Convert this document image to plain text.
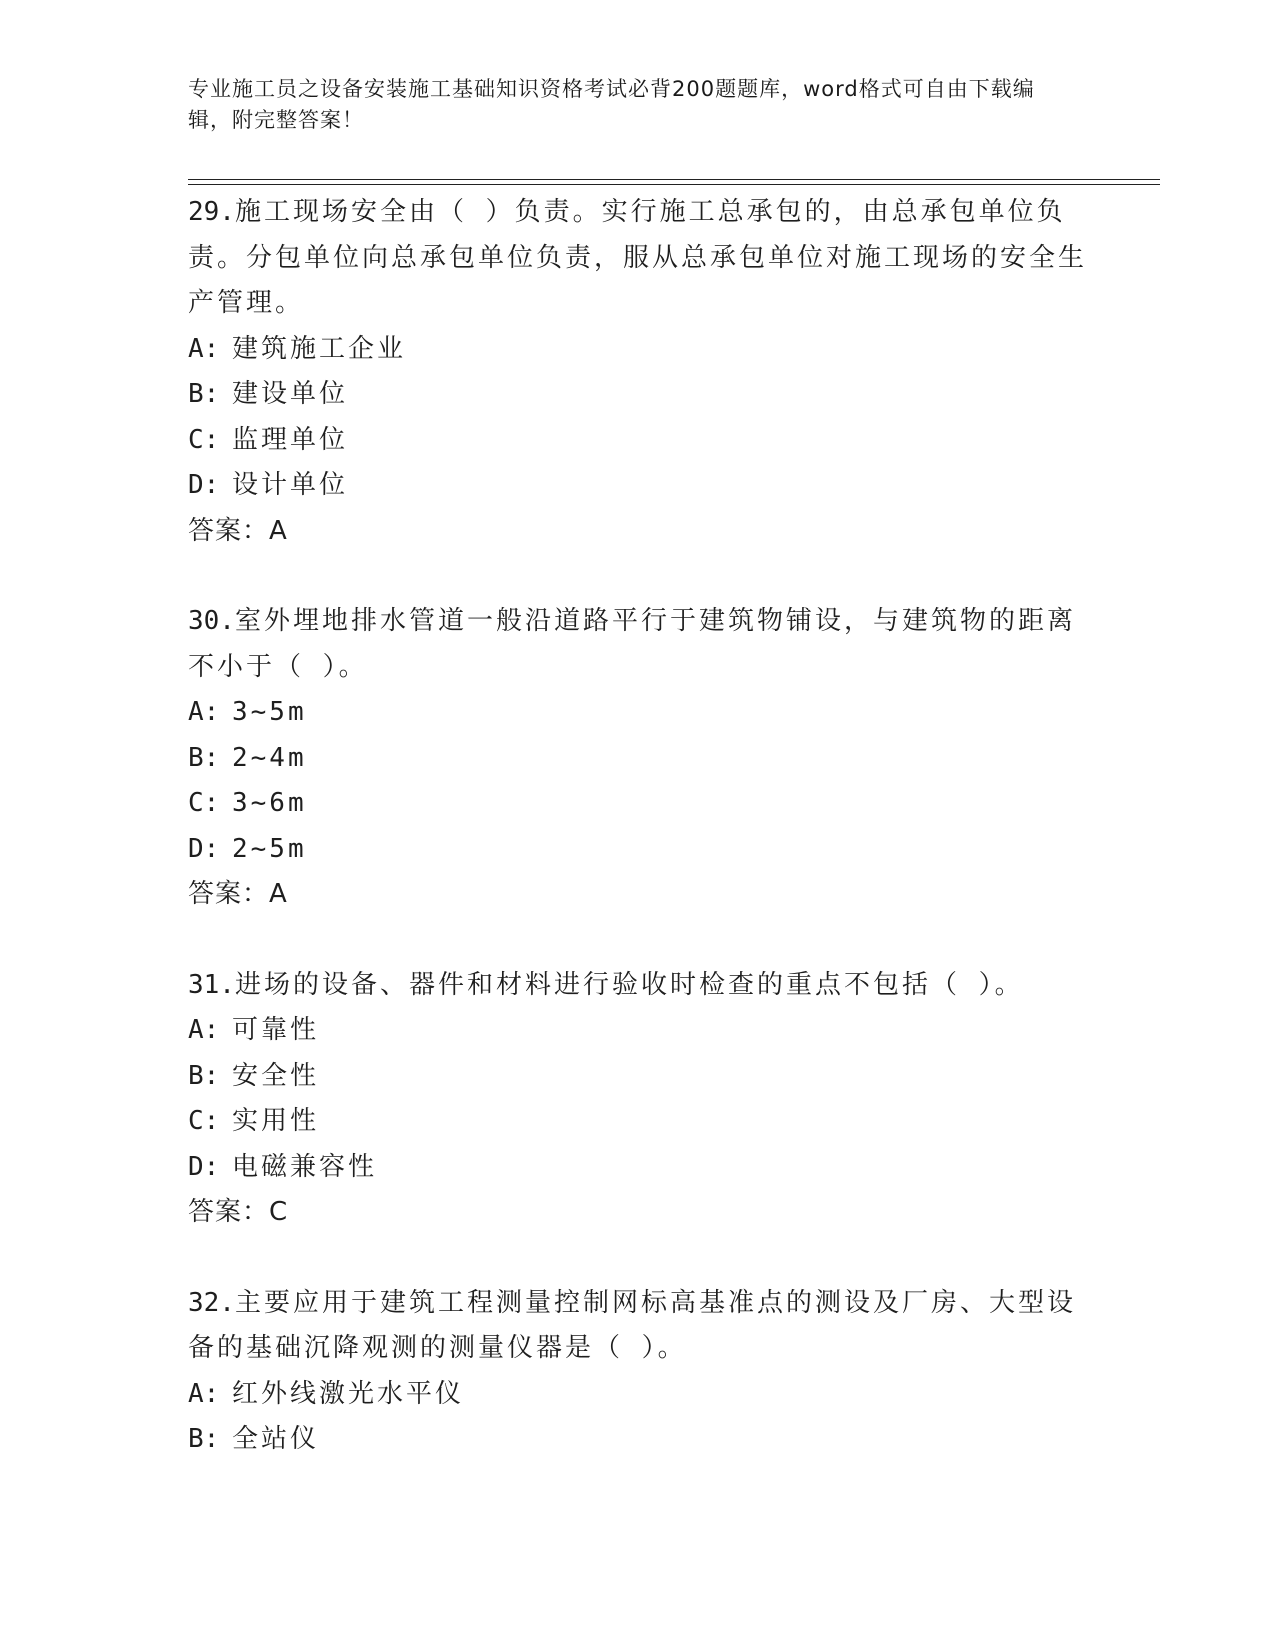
专业施工员之设备安装施工基础知识资格考试必背200题题库，word格式可自由下载编辑，附完整答案！

29.施工现场安全由（ ）负责。实行施工总承包的，由总承包单位负责。分包单位向总承包单位负责，服从总承包单位对施工现场的安全生产管理。

A: 建筑施工企业
B: 建设单位
C: 监理单位
D: 设计单位
答案：A

30.室外埋地排水管道一般沿道路平行于建筑物铺设，与建筑物的距离不小于（ ）。

A: 3~5m
B: 2~4m
C: 3~6m
D: 2~5m
答案：A

31.进场的设备、器件和材料进行验收时检查的重点不包括（ ）。

A: 可靠性
B: 安全性
C: 实用性
D: 电磁兼容性
答案：C

32.主要应用于建筑工程测量控制网标高基准点的测设及厂房、大型设备的基础沉降观测的测量仪器是（ ）。

A: 红外线激光水平仪
B: 全站仪
